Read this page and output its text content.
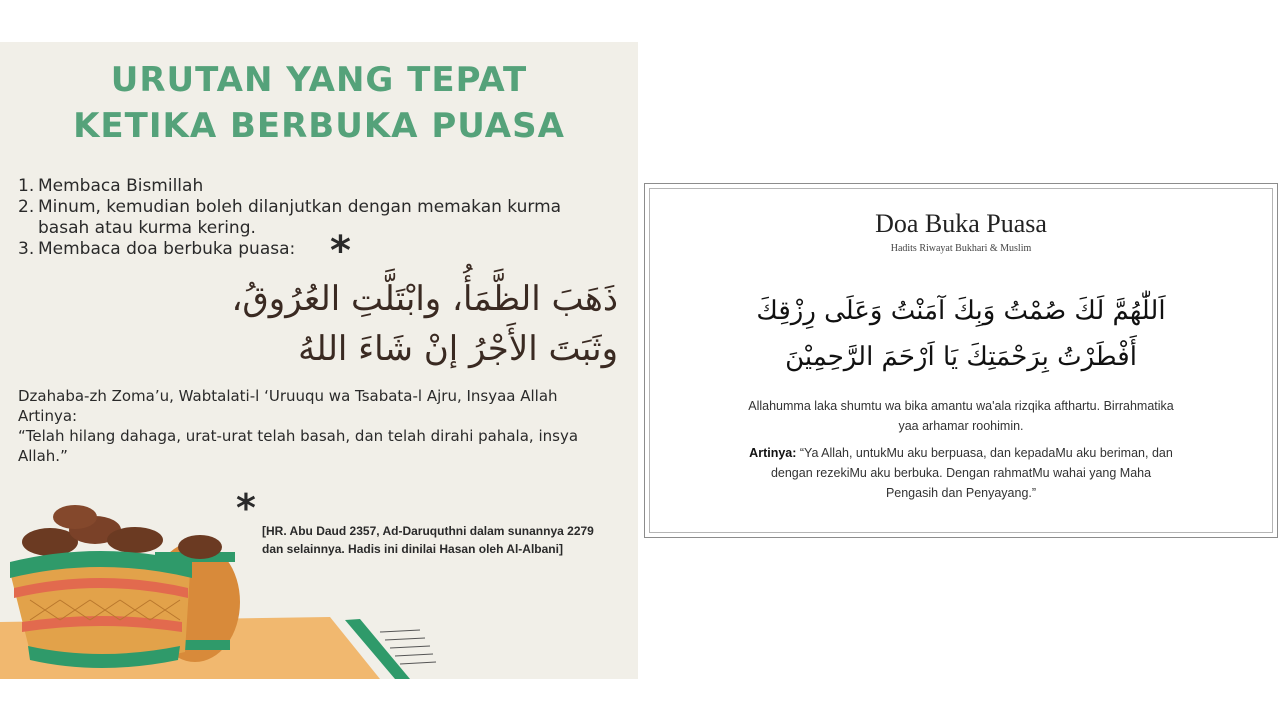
URUTAN YANG TEPAT
KETIKA BERBUKA PUASA
1. Membaca Bismillah
2. Minum, kemudian boleh dilanjutkan dengan memakan kurma
basah atau kurma kering.
3. Membaca doa berbuka puasa: *
ذَهَبَ الظَّمَأُ، وابْتَلَّتِ العُرُوقُ،
وثَبَتَ الأَجْرُ إنْ شَاءَ اللهُ
Dzahaba-zh Zoma’u, Wabtalati-l ‘Uruuqu wa Tsabata-l Ajru, Insyaa Allah
Artinya:
“Telah hilang dahaga, urat-urat telah basah, dan telah dirahi pahala, insya Allah.”
*
[HR. Abu Daud 2357, Ad-Daruquthni dalam sunannya 2279
dan selainnya. Hadis ini dinilai Hasan oleh Al-Albani]
Doa Buka Puasa
Hadits Riwayat Bukhari & Muslim
اَللّٰهُمَّ لَكَ صُمْتُ وَبِكَ آمَنْتُ وَعَلَى رِزْقِكَ
أَفْطَرْتُ بِرَحْمَتِكَ يَا اَرْحَمَ الرَّحِمِيْنَ
Allahumma laka shumtu wa bika amantu wa'ala rizqika afthartu. Birrahmatika
yaa arhamar roohimin.
Artinya: “Ya Allah, untukMu aku berpuasa, dan kepadaMu aku beriman, dan
dengan rezekiMu aku berbuka. Dengan rahmatMu wahai yang Maha
Pengasih dan Penyayang.”
